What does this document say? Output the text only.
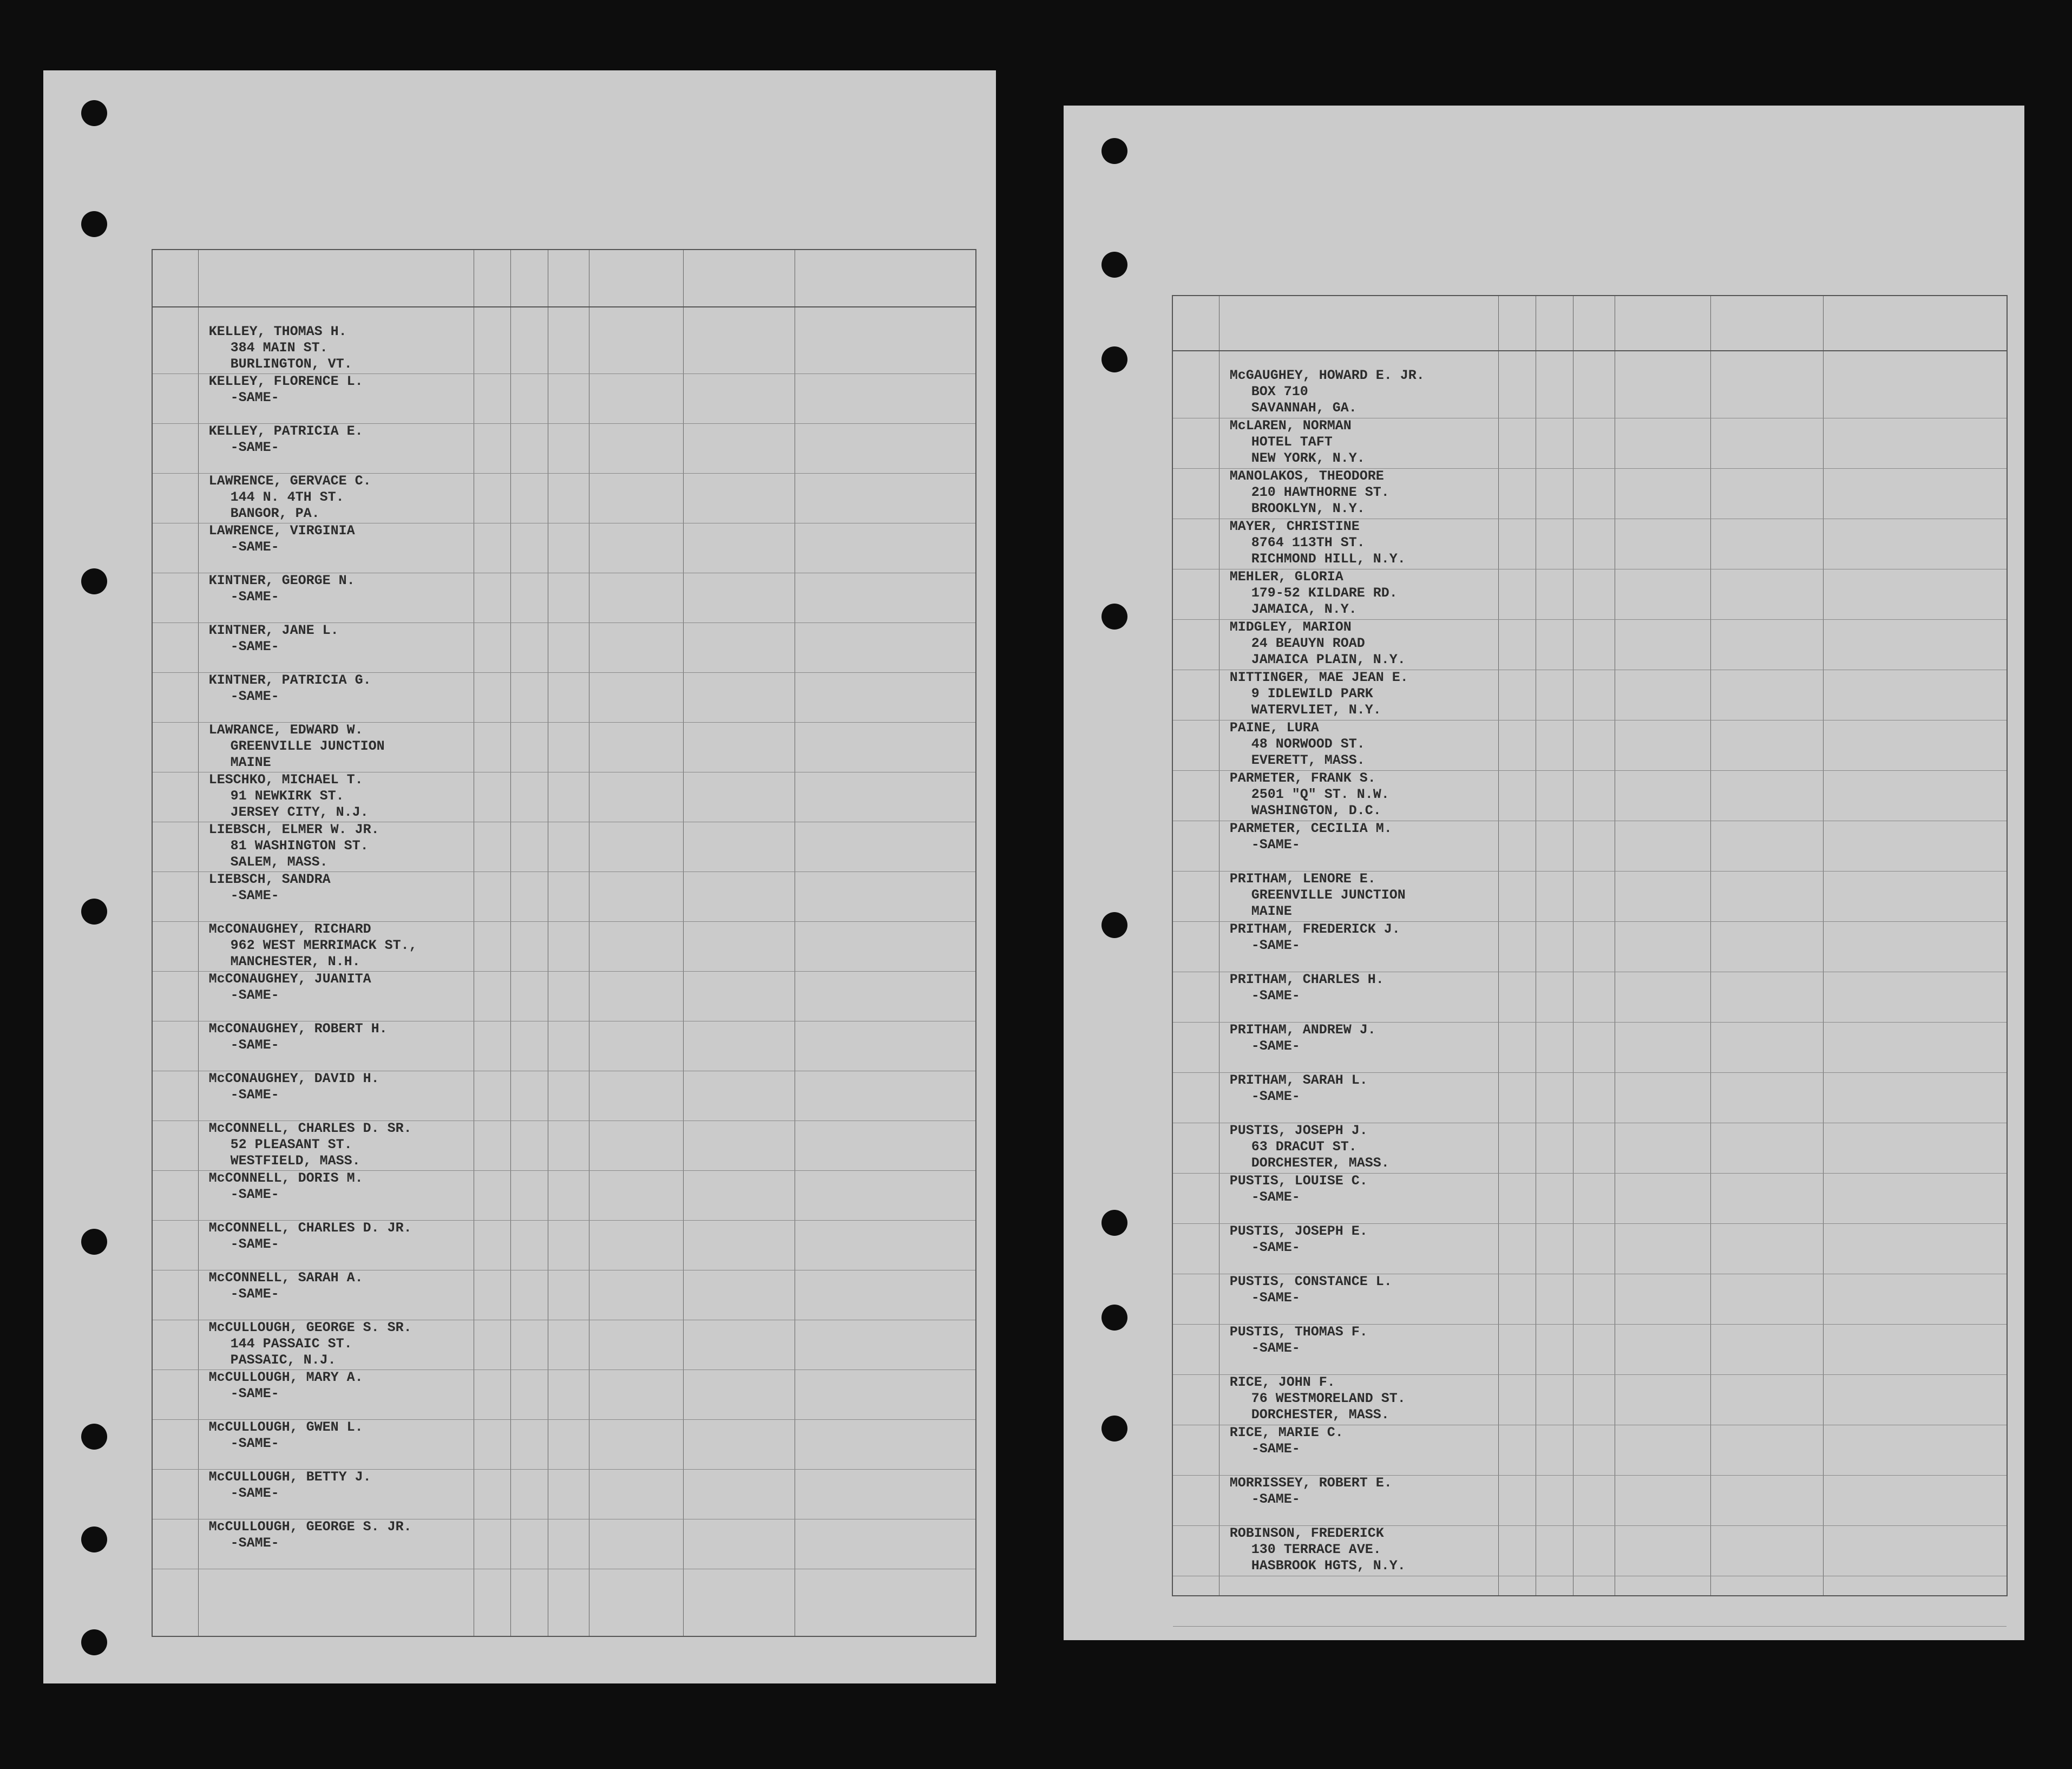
KELLEY, THOMAS H.
384 MAIN ST.
BURLINGTON, VT.
KELLEY, FLORENCE L.
-SAME-
KELLEY, PATRICIA E.
-SAME-
LAWRENCE, GERVACE C.
144 N. 4TH ST.
BANGOR, PA.
LAWRENCE, VIRGINIA
-SAME-
KINTNER, GEORGE N.
-SAME-
KINTNER, JANE L.
-SAME-
KINTNER, PATRICIA G.
-SAME-
LAWRANCE, EDWARD W.
GREENVILLE JUNCTION
MAINE
LESCHKO, MICHAEL T.
91 NEWKIRK ST.
JERSEY CITY, N.J.
LIEBSCH, ELMER W. JR.
81 WASHINGTON ST.
SALEM, MASS.
LIEBSCH, SANDRA
-SAME-
McCONAUGHEY, RICHARD
962 WEST MERRIMACK ST.,
MANCHESTER, N.H.
McCONAUGHEY, JUANITA
-SAME-
McCONAUGHEY, ROBERT H.
-SAME-
McCONAUGHEY, DAVID H.
-SAME-
McCONNELL, CHARLES D. SR.
52 PLEASANT ST.
WESTFIELD, MASS.
McCONNELL, DORIS M.
-SAME-
McCONNELL, CHARLES D. JR.
-SAME-
McCONNELL, SARAH A.
-SAME-
McCULLOUGH, GEORGE S. SR.
144 PASSAIC ST.
PASSAIC, N.J.
McCULLOUGH, MARY A.
-SAME-
McCULLOUGH, GWEN L.
-SAME-
McCULLOUGH, BETTY J.
-SAME-
McCULLOUGH, GEORGE S. JR.
-SAME-
McGAUGHEY, HOWARD E. JR.
BOX 710
SAVANNAH, GA.
McLAREN, NORMAN
HOTEL TAFT
NEW YORK, N.Y.
MANOLAKOS, THEODORE
210 HAWTHORNE ST.
BROOKLYN, N.Y.
MAYER, CHRISTINE
8764 113TH ST.
RICHMOND HILL, N.Y.
MEHLER, GLORIA
179-52 KILDARE RD.
JAMAICA, N.Y.
MIDGLEY, MARION
24 BEAUYN ROAD
JAMAICA PLAIN, N.Y.
NITTINGER, MAE JEAN E.
9 IDLEWILD PARK
WATERVLIET, N.Y.
PAINE, LURA
48 NORWOOD ST.
EVERETT, MASS.
PARMETER, FRANK S.
2501 "Q" ST. N.W.
WASHINGTON, D.C.
PARMETER, CECILIA M.
-SAME-
PRITHAM, LENORE E.
GREENVILLE JUNCTION
MAINE
PRITHAM, FREDERICK J.
-SAME-
PRITHAM, CHARLES H.
-SAME-
PRITHAM, ANDREW J.
-SAME-
PRITHAM, SARAH L.
-SAME-
PUSTIS, JOSEPH J.
63 DRACUT ST.
DORCHESTER, MASS.
PUSTIS, LOUISE C.
-SAME-
PUSTIS, JOSEPH E.
-SAME-
PUSTIS, CONSTANCE L.
-SAME-
PUSTIS, THOMAS F.
-SAME-
RICE, JOHN F.
76 WESTMORELAND ST.
DORCHESTER, MASS.
RICE, MARIE C.
-SAME-
MORRISSEY, ROBERT E.
-SAME-
ROBINSON, FREDERICK
130 TERRACE AVE.
HASBROOK HGTS, N.Y.
